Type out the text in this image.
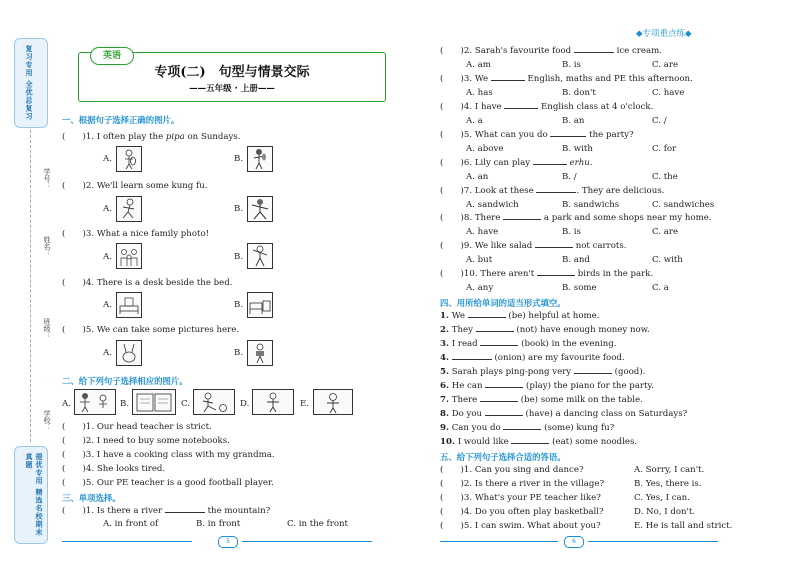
◆专项重点练◆
复习专用 全优总复习
学号：
姓名：
班级：
学校：
提优专用 精选名校期末真题
专项(二)　句型与情景交际
——五年级 · 上册——
英语
一、根据句子选择正确的图片。
(　　)1. I often play the pipa on Sundays.
A.	B.
(　　)2. We'll learn some kung fu.
A.	B.
(　　)3. What a nice family photo!
A.	B.
(　　)4. There is a desk beside the bed.
A.	B.
(　　)5. We can take some pictures here.
A.	B.
二、给下列句子选择相应的图片。
A.	B.	C.	D.	E.
(　　)1. Our head teacher is strict.
(　　)2. I need to buy some notebooks.
(　　)3. I have a cooking class with my grandma.
(　　)4. She looks tired.
(　　)5. Our PE teacher is a good football player.
三、单项选择。
(　　)1. Is there a river	the mountain?
A. in front of	B. in front	C. in the front
5
(　　)2. Sarah's favourite food	ice cream.
A. am	B. is	C. are
(　　)3. We	English, maths and PE this afternoon.
A. has	B. don't	C. have
(　　)4. I have	English class at 4 o'clock.
A. a	B. an	C. /
(　　)5. What can you do	the party?
A. above	B. with	C. for
(　　)6. Lily can play	erhu.
A. an	B. /	C. the
(　　)7. Look at these	. They are delicious.
A. sandwich	B. sandwichs	C. sandwiches
(　　)8. There	a park and some shops near my home.
A. have	B. is	C. are
(　　)9. We like salad	not carrots.
A. but	B. and	C. with
(　　)10. There aren't	birds in the park.
A. any	B. some	C. a
四、用所给单词的适当形式填空。
1. We	(be) helpful at home.
2. They	(not) have enough money now.
3. I read	(book) in the evening.
4.	(onion) are my favourite food.
5. Sarah plays ping-pong very	(good).
6. He can	(play) the piano for the party.
7. There	(be) some milk on the table.
8. Do you	(have) a dancing class on Saturdays?
9. Can you do	(some) kung fu?
10. I would like	(eat) some noodles.
五、给下列句子选择合适的答语。
(　　)1. Can you sing and dance?	A. Sorry, I can't.
(　　)2. Is there a river in the village?	B. Yes, there is.
(　　)3. What's your PE teacher like?	C. Yes, I can.
(　　)4. Do you often play basketball?	D. No, I don't.
(　　)5. I can swim. What about you?	E. He is tall and strict.
6
